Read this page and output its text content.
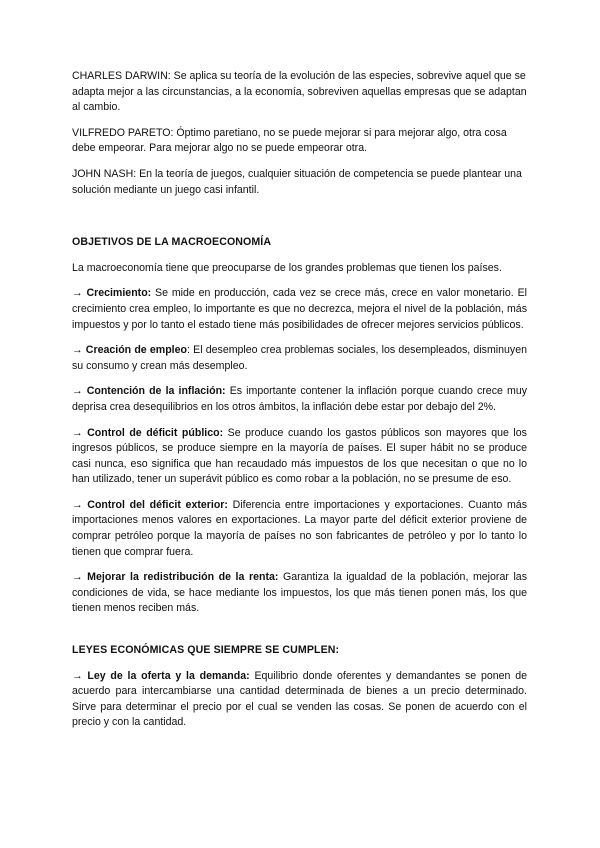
CHARLES DARWIN: Se aplica su teoría de la evolución de las especies, sobrevive aquel que se adapta mejor a las circunstancias, a la economía, sobreviven aquellas empresas que se adaptan al cambio.

VILFREDO PARETO: Óptimo paretiano, no se puede mejorar si para mejorar algo, otra cosa debe empeorar. Para mejorar algo no se puede empeorar otra.

JOHN NASH: En la teoría de juegos, cualquier situación de competencia se puede plantear una solución mediante un juego casi infantil.

OBJETIVOS DE LA MACROECONOMÍA

La macroeconomía tiene que preocuparse de los grandes problemas que tienen los países.

→ Crecimiento: Se mide en producción, cada vez se crece más, crece en valor monetario. El crecimiento crea empleo, lo importante es que no decrezca, mejora el nivel de la población, más impuestos y por lo tanto el estado tiene más posibilidades de ofrecer mejores servicios públicos.

→ Creación de empleo: El desempleo crea problemas sociales, los desempleados, disminuyen su consumo y crean más desempleo.

→ Contención de la inflación: Es importante contener la inflación porque cuando crece muy deprisa crea desequilibrios en los otros ámbitos, la inflación debe estar por debajo del 2%.

→ Control de déficit público: Se produce cuando los gastos públicos son mayores que los ingresos públicos, se produce siempre en la mayoría de países. El super hábit no se produce casi nunca, eso significa que han recaudado más impuestos de los que necesitan o que no lo han utilizado, tener un superávit público es como robar a la población, no se presume de eso.

→ Control del déficit exterior: Diferencia entre importaciones y exportaciones. Cuanto más importaciones menos valores en exportaciones. La mayor parte del déficit exterior proviene de comprar petróleo porque la mayoría de países no son fabricantes de petróleo y por lo tanto lo tienen que comprar fuera.

→ Mejorar la redistribución de la renta: Garantiza la igualdad de la población, mejorar las condiciones de vida, se hace mediante los impuestos, los que más tienen ponen más, los que tienen menos reciben más.

LEYES ECONÓMICAS QUE SIEMPRE SE CUMPLEN:

→ Ley de la oferta y la demanda: Equilibrio donde oferentes y demandantes se ponen de acuerdo para intercambiarse una cantidad determinada de bienes a un precio determinado. Sirve para determinar el precio por el cual se venden las cosas. Se ponen de acuerdo con el precio y con la cantidad.
